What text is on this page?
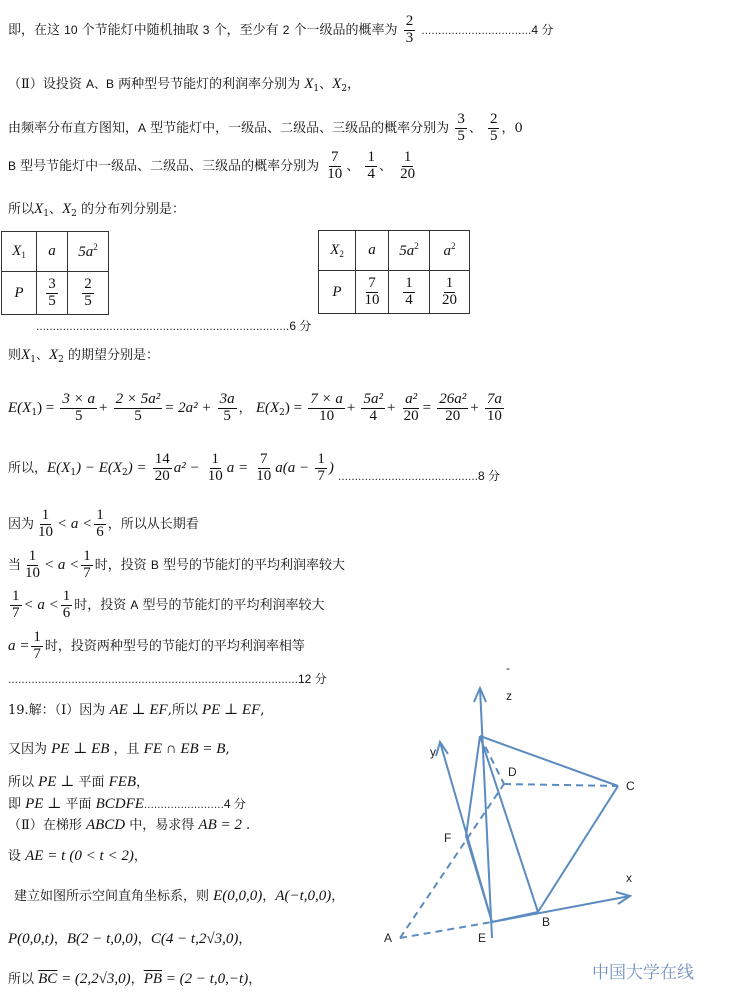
即，在这 10 个节能灯中随机抽取 3 个，至少有 2 个一级品的概率为 $\frac{2}{3}$ ……………………………4 分
（Ⅱ）设投资 A、B 两种型号节能灯的利润率分别为 $X_1$、$X_2$，
由频率分布直方图知，A 型节能灯中，一级品、二级品、三级品的概率分别为 $\frac{3}{5}$ 、 $\frac{2}{5}$ ，0
B 型号节能灯中一级品、二级品、三级品的概率分别为 $\frac{7}{10}$ 、 $\frac{1}{4}$ 、 $\frac{1}{20}$
所以$X_1$、$X_2$ 的分布列分别是：
$X_1$	a	$5a^2$
P	$\frac{3}{5}$	$\frac{2}{5}$
$X_2$	a	$5a^2$	$a^2$
P	$\frac{7}{10}$	$\frac{1}{4}$	$\frac{1}{20}$
………………………………………………………………….6 分
则$X_1$、$X_2$ 的期望分别是：
$E(X_1) = \frac{3 \times a}{5} + \frac{\text{2 × 5a²}}{5} = 2a^2 + \frac{3a}{5}$ ， $E(X_2) = \frac{7 \times a}{10} + \frac{\text{5a²}}{4} + \frac{\text{a²}}{20} = \frac{\text{26a²}}{20} + \frac{7a}{10}$
所以，$E(X_1) - E(X_2) = \frac{14}{20} a^2 - \frac{1}{10}$ $a = \frac{7}{10} a(a - \frac{1}{7}$ ) $_{\dots\dots\dots\dots\dots\dots\dots\dots\dots\dots\dots\dots\dots\dots}$8 分
因为 $\frac{1}{10} < a < \frac{1}{6}$ ，所以从长期看
当 $\frac{1}{10} < a < \frac{1}{7}$ 时，投资 B 型号的节能灯的平均利润率较大
$\frac{1}{7} < a < \frac{1}{6}$ 时，投资 A 型号的节能灯的平均利润率较大
$a = \frac{1}{7}$ 时，投资两种型号的节能灯的平均利润率相等
……………………………………………………………………………12 分
19.解：（Ⅰ）因为 AE ⊥ EF,所以 PE ⊥ EF,
又因为 PE ⊥ EB ，且 FE ∩ EB = B,
所以 PE ⊥ 平面 FEB，
即 PE ⊥ 平面 BCDFE……………………4 分
（Ⅱ）在梯形 ABCD 中，易求得 AB = 2 .
设 AE = t (0 < t < 2)，
建立如图所示空间直角坐标系，则 E(0,0,0)，A(−t,0,0)，
P(0,0,t)，B(2 − t,0,0)，C(4 − t,2√3,0)，
所以 $\overline{BC} = (2,2√3,0)$，$\overline{PB} = (2 - t,0,-t)$，
z
y
x
A
B
C
D
E
F
-
中国大学在线
